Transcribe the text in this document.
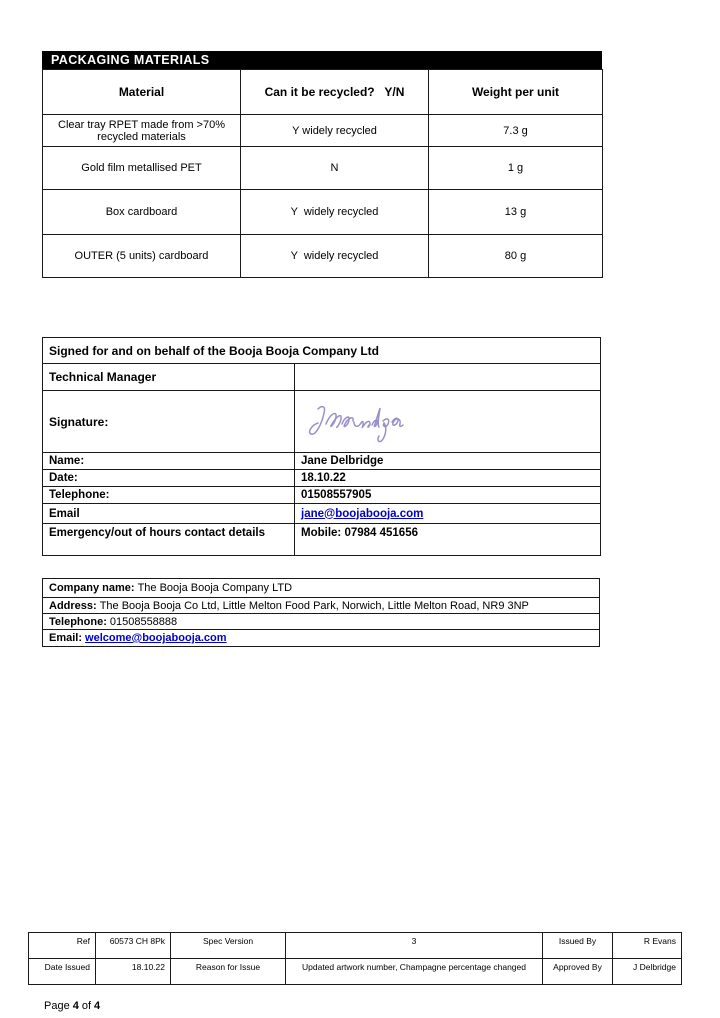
PACKAGING MATERIALS
Material	Can it be recycled?   Y/N	Weight per unit
Clear tray RPET made from >70% recycled materials	Y widely recycled	7.3 g
Gold film metallised PET	N	1 g
Box cardboard	Y  widely recycled	13 g
OUTER (5 units) cardboard	Y  widely recycled	80 g
Signed for and on behalf of the Booja Booja Company Ltd	
Technical Manager	
Signature:	

Name:	Jane Delbridge
Date:	18.10.22
Telephone:	01508557905
Email	jane@boojabooja.com
Emergency/out of hours contact details	Mobile: 07984 451656
Company name: The Booja Booja Company LTD
Address: The Booja Booja Co Ltd, Little Melton Food Park, Norwich, Little Melton Road, NR9 3NP
Telephone: 01508558888
Email: welcome@boojabooja.com
Ref	60573 CH 8Pk	Spec Version	3	Issued By	R Evans
Date Issued	18.10.22	Reason for Issue	Updated artwork number, Champagne percentage changed	Approved By	J Delbridge
Page 4 of 4
